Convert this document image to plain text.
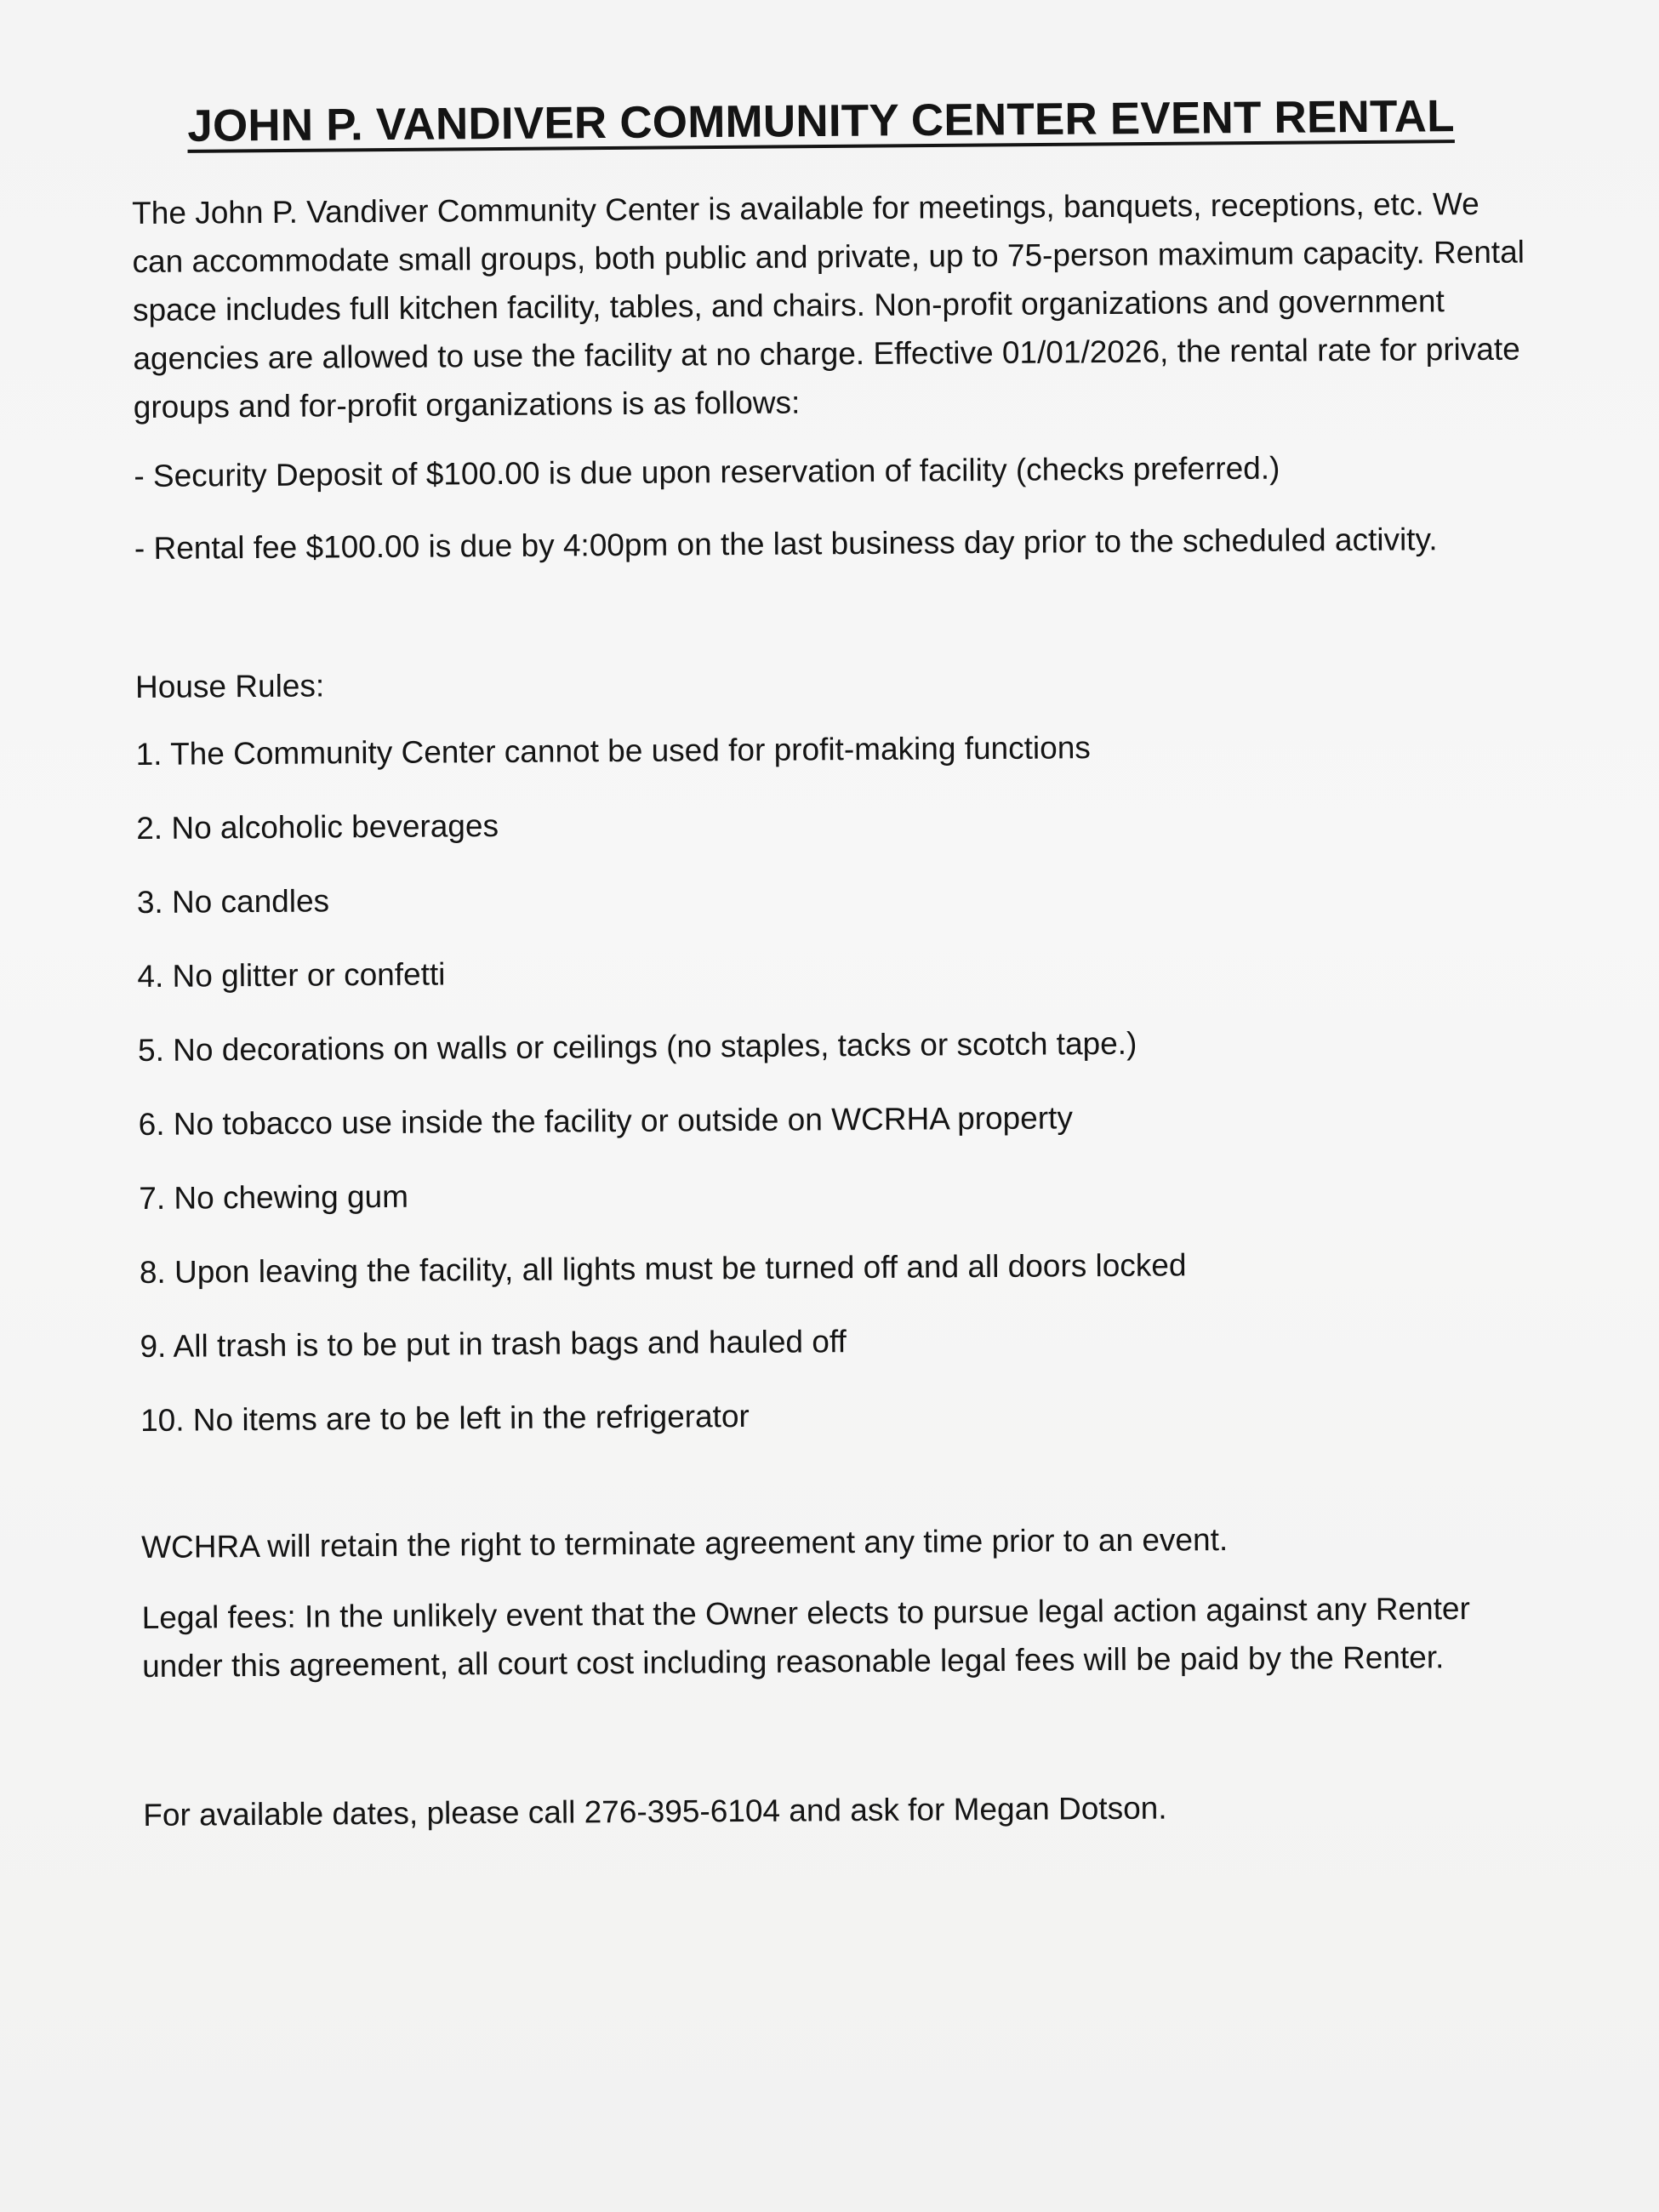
JOHN P. VANDIVER COMMUNITY CENTER EVENT RENTAL

The John P. Vandiver Community Center is available for meetings, banquets, receptions, etc. We can accommodate small groups, both public and private, up to 75-person maximum capacity. Rental space includes full kitchen facility, tables, and chairs. Non-profit organizations and government agencies are allowed to use the facility at no charge. Effective 01/01/2026, the rental rate for private groups and for-profit organizations is as follows:

- Security Deposit of $100.00 is due upon reservation of facility (checks preferred.)

- Rental fee $100.00 is due by 4:00pm on the last business day prior to the scheduled activity.

House Rules:
1. The Community Center cannot be used for profit-making functions
2. No alcoholic beverages
3. No candles
4. No glitter or confetti
5. No decorations on walls or ceilings (no staples, tacks or scotch tape.)
6. No tobacco use inside the facility or outside on WCRHA property
7. No chewing gum
8. Upon leaving the facility, all lights must be turned off and all doors locked
9. All trash is to be put in trash bags and hauled off
10. No items are to be left in the refrigerator

WCHRA will retain the right to terminate agreement any time prior to an event.

Legal fees: In the unlikely event that the Owner elects to pursue legal action against any Renter under this agreement, all court cost including reasonable legal fees will be paid by the Renter.

For available dates, please call 276-395-6104 and ask for Megan Dotson.
